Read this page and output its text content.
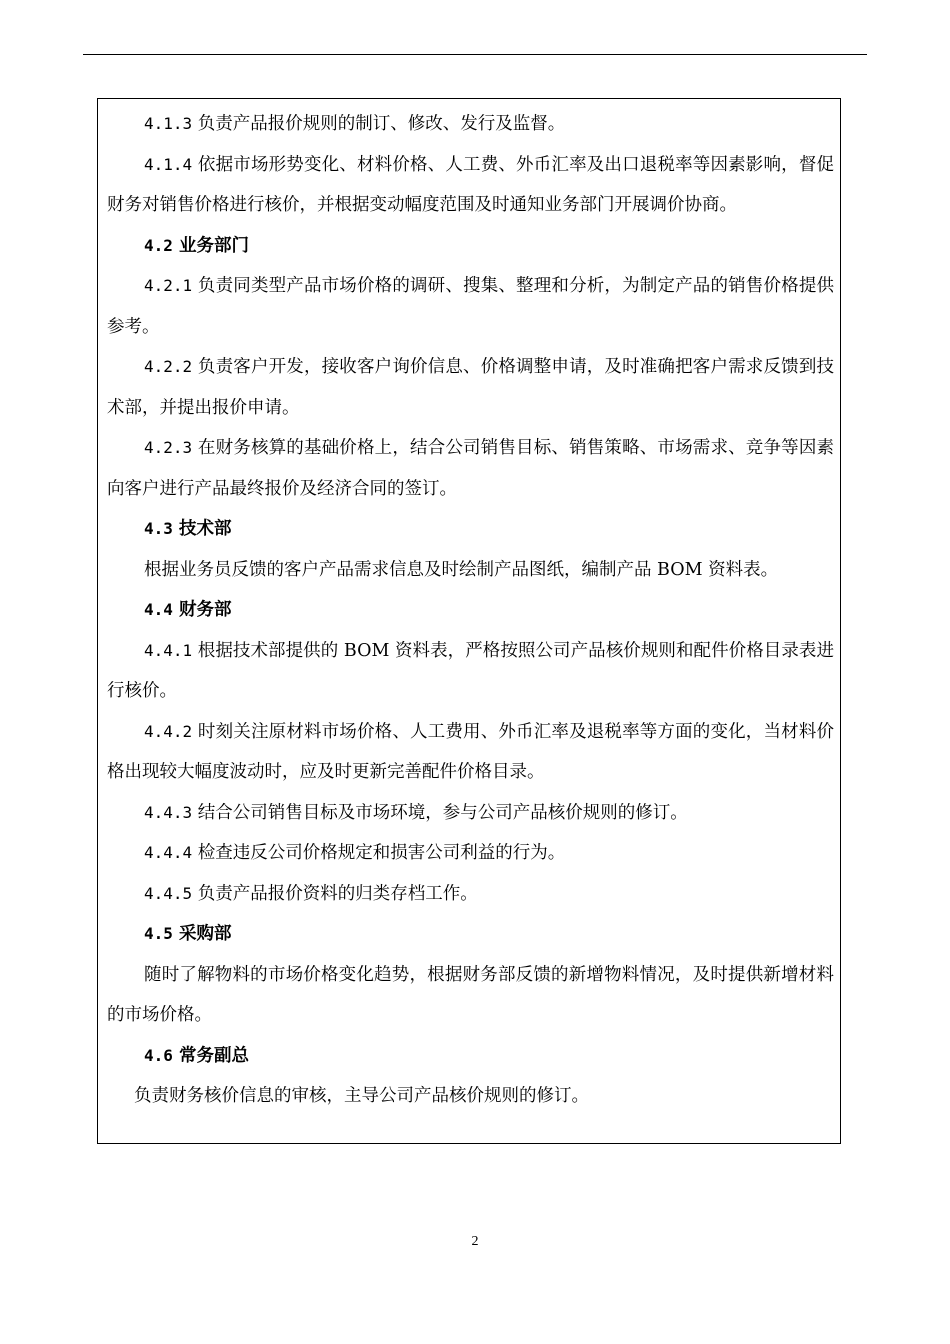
4.1.3 负责产品报价规则的制订、修改、发行及监督。

4.1.4 依据市场形势变化、材料价格、人工费、外币汇率及出口退税率等因素影响，督促财务对销售价格进行核价，并根据变动幅度范围及时通知业务部门开展调价协商。

4.2 业务部门

4.2.1 负责同类型产品市场价格的调研、搜集、整理和分析，为制定产品的销售价格提供参考。

4.2.2 负责客户开发，接收客户询价信息、价格调整申请，及时准确把客户需求反馈到技术部，并提出报价申请。

4.2.3 在财务核算的基础价格上，结合公司销售目标、销售策略、市场需求、竞争等因素向客户进行产品最终报价及经济合同的签订。

4.3 技术部

根据业务员反馈的客户产品需求信息及时绘制产品图纸，编制产品 BOM 资料表。

4.4 财务部

4.4.1 根据技术部提供的 BOM 资料表，严格按照公司产品核价规则和配件价格目录表进行核价。

4.4.2 时刻关注原材料市场价格、人工费用、外币汇率及退税率等方面的变化，当材料价格出现较大幅度波动时，应及时更新完善配件价格目录。

4.4.3 结合公司销售目标及市场环境，参与公司产品核价规则的修订。

4.4.4 检查违反公司价格规定和损害公司利益的行为。

4.4.5 负责产品报价资料的归类存档工作。

4.5 采购部

随时了解物料的市场价格变化趋势，根据财务部反馈的新增物料情况，及时提供新增材料的市场价格。

4.6 常务副总

负责财务核价信息的审核，主导公司产品核价规则的修订。

2
